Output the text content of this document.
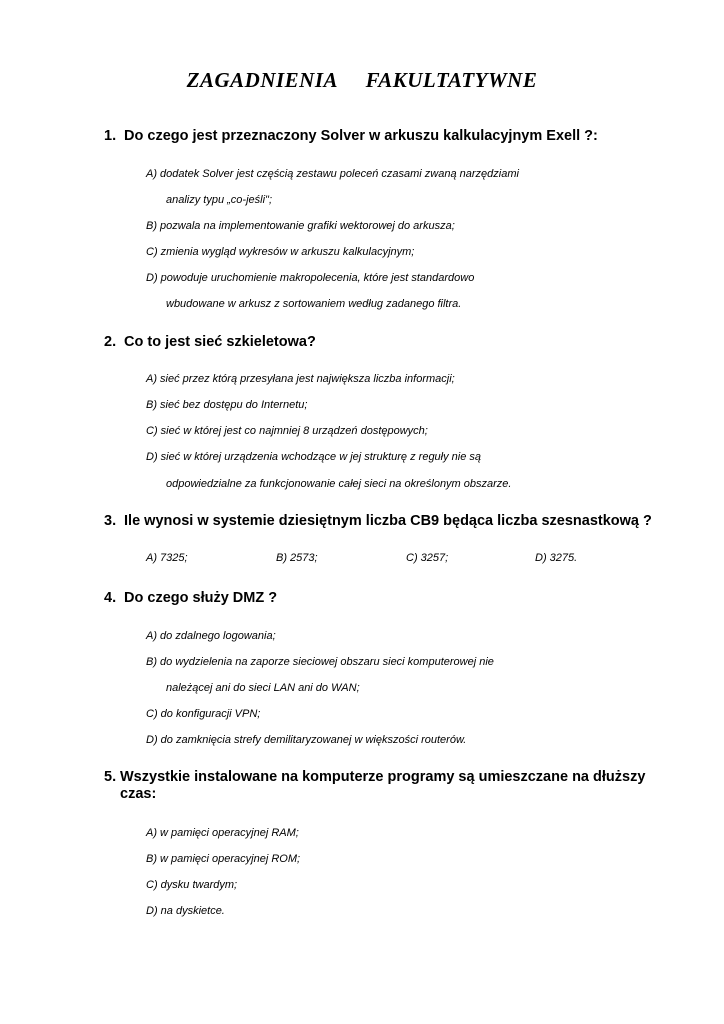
ZAGADNIENIA     FAKULTATYWNE
1. Do czego jest przeznaczony Solver w arkuszu kalkulacyjnym Exell ?:
A) dodatek Solver jest częścią zestawu poleceń czasami zwaną narzędziami
analizy typu „co-jeśli";
B) pozwala na implementowanie grafiki wektorowej do arkusza;
C) zmienia wygląd wykresów w arkuszu kalkulacyjnym;
D) powoduje uruchomienie makropolecenia, które jest standardowo
wbudowane w arkusz z sortowaniem według zadanego filtra.
2. Co to jest sieć szkieletowa?
A) sieć przez którą przesyłana jest największa liczba informacji;
B) sieć bez dostępu do Internetu;
C) sieć w której jest co najmniej 8 urządzeń dostępowych;
D) sieć w której urządzenia wchodzące w jej strukturę z reguły nie są
odpowiedzialne za funkcjonowanie całej sieci na określonym obszarze.
3. Ile wynosi w systemie dziesiętnym liczba CB9 będąca liczba szesnastkową ?
A) 7325;	B) 2573;	C) 3257;	D) 3275.
4. Do czego służy DMZ ?
A) do zdalnego logowania;
B) do wydzielenia na zaporze sieciowej obszaru sieci komputerowej nie
należącej ani do sieci LAN ani do WAN;
C) do konfiguracji VPN;
D) do zamknięcia strefy demilitaryzowanej w większości routerów.
5. Wszystkie instalowane na komputerze programy są umieszczane na dłuższy czas:
A) w pamięci operacyjnej RAM;
B) w pamięci operacyjnej ROM;
C) dysku twardym;
D) na dyskietce.
